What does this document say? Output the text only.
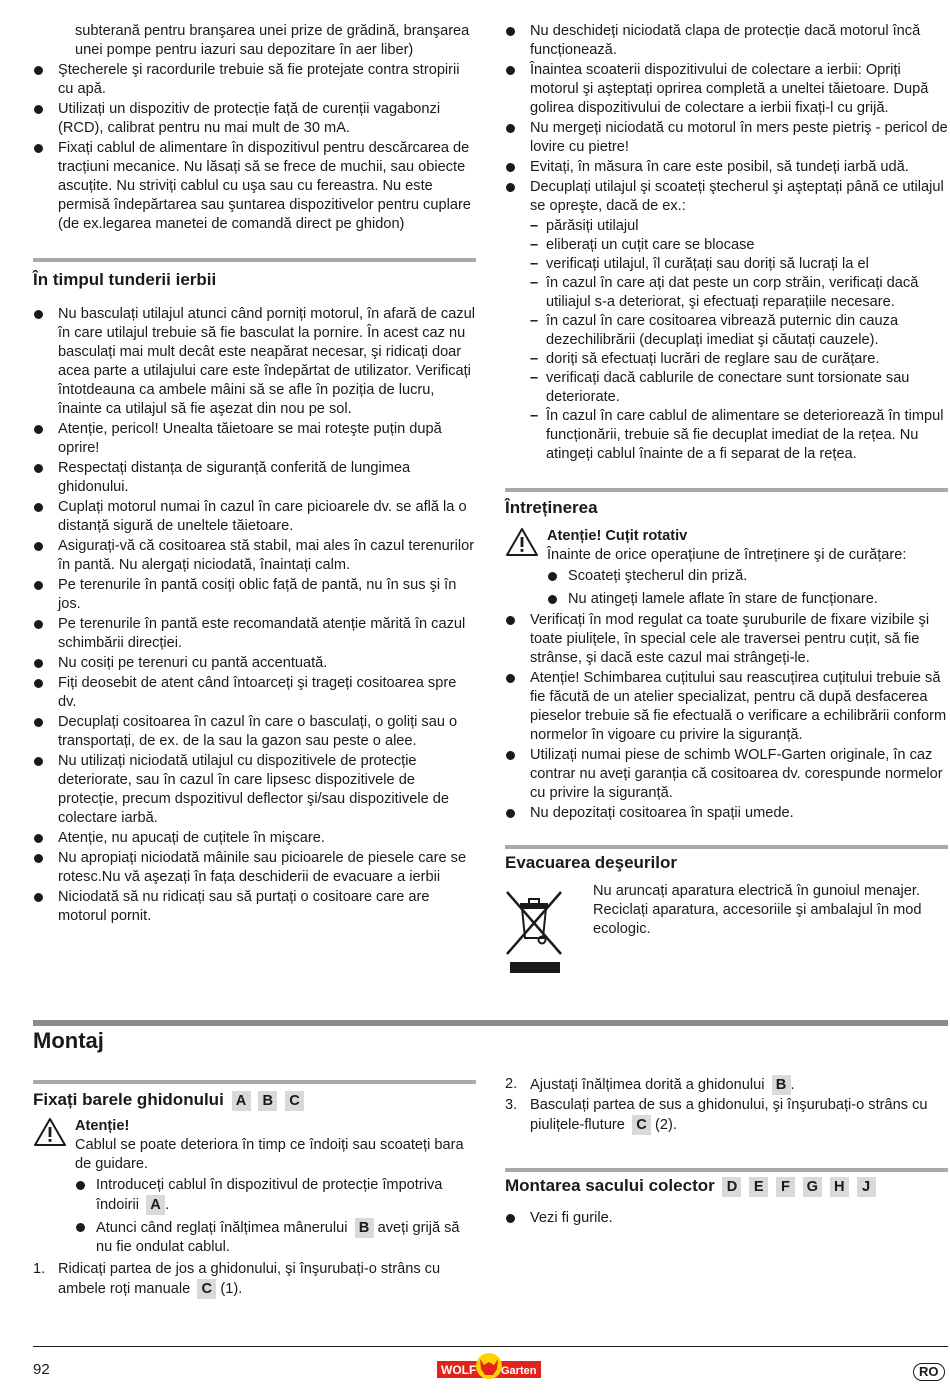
subterană pentru branşarea unei prize de grădină, branşarea unei pompe pentru iazuri sau depozitare în aer liber)
Ştecherele şi racordurile trebuie să fie protejate contra stropirii cu apă.
Utilizați un dispozitiv de protecție față de curenții vagabonzi (RCD), calibrat pentru nu mai mult de 30 mA.
Fixați cablul de alimentare în dispozitivul pentru descărcarea de tracțiuni mecanice. Nu lăsați să se frece de muchii, sau obiecte ascuțite. Nu striviți cablul cu uşa sau cu fereastra. Nu este permisă îndepărtarea sau şuntarea dispozitivelor pentru cuplare (de ex.legarea manetei de comandă direct pe ghidon)
În timpul tunderii ierbii
Nu basculați utilajul atunci când porniți motorul, în afară de cazul în care utilajul trebuie să fie basculat la pornire. În acest caz nu basculați mai mult decât este neapărat necesar, şi ridicați doar acea parte a utilajului care este îndepărtat de utilizator. Verificați întotdeauna ca ambele mâini să se afle în poziția de lucru, înainte ca utilajul să fie aşezat din nou pe sol.
Atenție, pericol! Unealta tăietoare se mai roteşte puțin după oprire!
Respectați distanța de siguranță conferită de lungimea ghidonului.
Cuplați motorul numai în cazul în care picioarele dv. se află la o distanță sigură de uneltele tăietoare.
Asigurați-vă că cositoarea stă stabil, mai ales în cazul terenurilor în pantă. Nu alergați niciodată, înaintați calm.
Pe terenurile în pantă cosiți oblic față de pantă, nu în sus şi în jos.
Pe terenurile în pantă este recomandată atenție mărită în cazul schimbării direcției.
Nu cosiți pe terenuri cu pantă accentuată.
Fiți deosebit de atent când întoarceți şi trageți cositoarea spre dv.
Decuplați cositoarea în cazul în care o basculați, o goliți sau o transportați, de ex. de la sau la gazon sau peste o alee.
Nu utilizați niciodată utilajul cu dispozitivele de protecție deteriorate, sau în cazul în care lipsesc dispozitivele de protecție, precum dspozitivul deflector şi/sau dispozitivele de colectare iarbă.
Atenție, nu apucați de cuțitele în mişcare.
Nu apropiați niciodată mâinile sau picioarele de piesele care se rotesc.Nu vă aşezați în fața deschiderii de evacuare a ierbii
Niciodată să nu ridicați sau să purtați o cositoare care are motorul pornit.
Nu deschideți niciodată clapa de protecție dacă motorul încă funcționează.
Înaintea scoaterii dispozitivului de colectare a ierbii: Opriți motorul şi aşteptați oprirea completă a uneltei tăietoare. După golirea dispozitivului de colectare a ierbii fixați-l cu grijă.
Nu mergeți niciodată cu motorul în mers peste pietriş - pericol de lovire cu pietre!
Evitați, în măsura în care este posibil, să tundeți iarbă udă.
Decuplați utilajul şi scoateți ştecherul şi aşteptați până ce utilajul se opreşte, dacă de ex.:
– părăsiți utilajul
– eliberați un cuțit care se blocase
– verificați utilajul, îl curățați sau doriți să lucrați la el
– în cazul în care ați dat peste un corp străin, verificați dacă utiliajul s-a deteriorat, şi efectuați reparațiile necesare.
– în cazul în care cositoarea vibrează puternic din cauza dezechilibrării (decuplați imediat şi căutați cauzele).
– doriți să efectuați lucrări de reglare sau de curățare.
– verificați dacă cablurile de conectare sunt torsionate sau deteriorate.
– În cazul în care cablul de alimentare se deteriorează în timpul funcționării, trebuie să fie decuplat imediat de la rețea. Nu atingeți cablul înainte de a fi separat de la rețea.
Întreținerea
Atenție! Cuțit rotativ
Înainte de orice operațiune de întreținere şi de curățare:
Scoateți ştecherul din priză.
Nu atingeți lamele aflate în stare de funcționare.
Verificați în mod regulat ca toate şuruburile de fixare vizibile şi toate piulițele, în special cele ale traversei pentru cuțit, să fie strânse, şi dacă este cazul mai strângeți-le.
Atenție! Schimbarea cuțitului sau reascuțirea cuțitului trebuie să fie făcută de un atelier specializat, pentru că după desfacerea pieselor trebuie să fie efectuală o verificare a echilibrării conform normelor în vigoare cu privire la siguranță.
Utilizați numai piese de schimb WOLF-Garten originale, în caz contrar nu aveți garanția că cositoarea dv. corespunde normelor cu privire la siguranță.
Nu depozitați cositoarea în spații umede.
Evacuarea deşeurilor
Nu aruncați aparatura electrică în gunoiul menajer. Reciclați aparatura, accesoriile şi ambalajul în mod ecologic.
Montaj
Fixați barele ghidonului A B C
Atenție!
Cablul se poate deteriora în timp ce îndoiți sau scoateți bara de guidare.
Introduceți cablul în dispozitivul de protecție împotriva îndoirii A .
Atunci când reglați înălțimea mânerului B aveți grijă să nu fie ondulat cablul.
1. Ridicați partea de jos a ghidonului, şi înşurubați-o strâns cu ambele roți manuale C (1).
2. Ajustați înălțimea dorită a ghidonului B .
3. Basculați partea de sus a ghidonului, şi înşurubați-o strâns cu piulițele-fluture C (2).
Montarea sacului colector D E F G H J
Vezi fi gurile.
92	WOLF Garten	RO
